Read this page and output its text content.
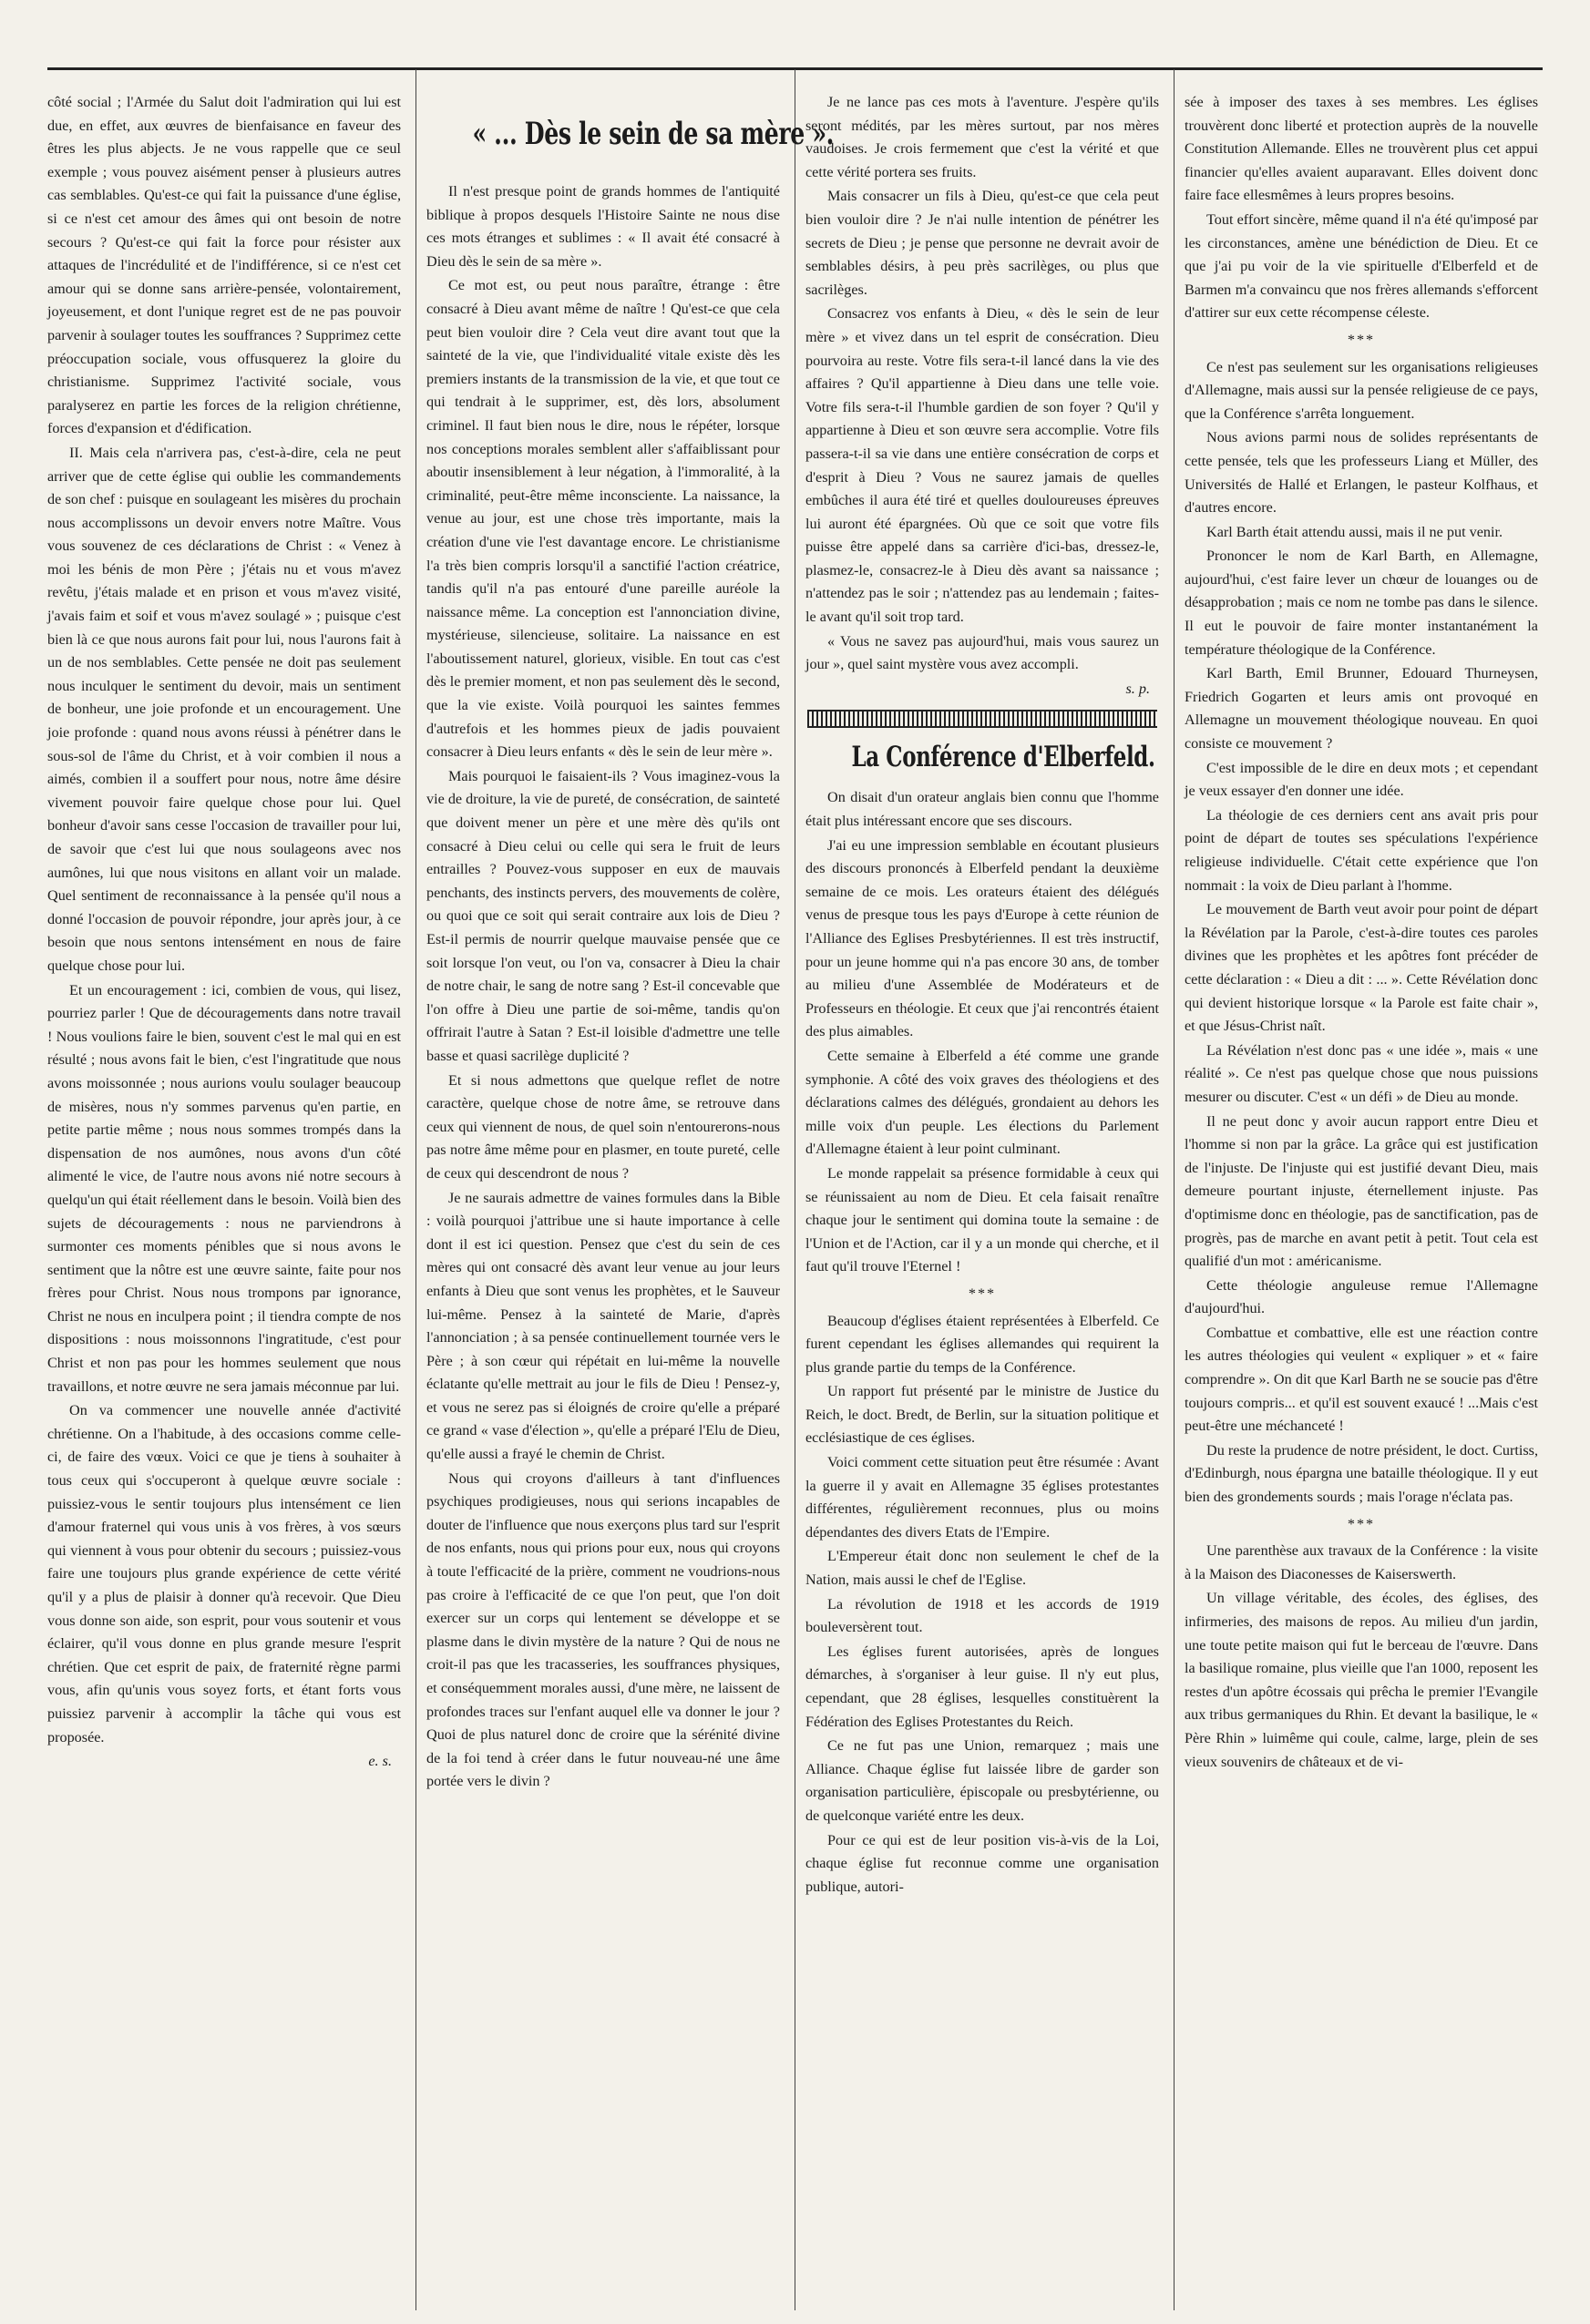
côté social ; l'Armée du Salut doit l'admiration qui lui est due, en effet, aux œuvres de bienfaisance en faveur des êtres les plus abjects. Je ne vous rappelle que ce seul exemple ; vous pouvez aisément penser à plusieurs autres cas semblables. Qu'est-ce qui fait la puissance d'une église, si ce n'est cet amour des âmes qui ont besoin de notre secours ? Qu'est-ce qui fait la force pour résister aux attaques de l'incrédulité et de l'indifférence, si ce n'est cet amour qui se donne sans arrière-pensée, volontairement, joyeusement, et dont l'unique regret est de ne pas pouvoir parvenir à soulager toutes les souffrances ? Supprimez cette préoccupation sociale, vous offusquerez la gloire du christianisme. Supprimez l'activité sociale, vous paralyserez en partie les forces de la religion chrétienne, forces d'expansion et d'édification.

II. Mais cela n'arrivera pas, c'est-à-dire, cela ne peut arriver que de cette église qui oublie les commandements de son chef : puisque en soulageant les misères du prochain nous accomplissons un devoir envers notre Maître. Vous vous souvenez de ces déclarations de Christ : « Venez à moi les bénis de mon Père ; j'étais nu et vous m'avez revêtu, j'étais malade et en prison et vous m'avez visité, j'avais faim et soif et vous m'avez soulagé » ; puisque c'est bien là ce que nous aurons fait pour lui, nous l'aurons fait à un de nos semblables. Cette pensée ne doit pas seulement nous inculquer le sentiment du devoir, mais un sentiment de bonheur, une joie profonde et un encouragement. Une joie profonde : quand nous avons réussi à pénétrer dans le sous-sol de l'âme du Christ, et à voir combien il nous a aimés, combien il a souffert pour nous, notre âme désire vivement pouvoir faire quelque chose pour lui. Quel bonheur d'avoir sans cesse l'occasion de travailler pour lui, de savoir que c'est lui que nous soulageons avec nos aumônes, lui que nous visitons en allant voir un malade. Quel sentiment de reconnaissance à la pensée qu'il nous a donné l'occasion de pouvoir répondre, jour après jour, à ce besoin que nous sentons intensément en nous de faire quelque chose pour lui.

Et un encouragement : ici, combien de vous, qui lisez, pourriez parler ! Que de découragements dans notre travail ! Nous voulions faire le bien, souvent c'est le mal qui en est résulté ; nous avons fait le bien, c'est l'ingratitude que nous avons moissonnée ; nous aurions voulu soulager beaucoup de misères, nous n'y sommes parvenus qu'en partie, en petite partie même ; nous nous sommes trompés dans la dispensation de nos aumônes, nous avons d'un côté alimenté le vice, de l'autre nous avons nié notre secours à quelqu'un qui était réellement dans le besoin. Voilà bien des sujets de découragements : nous ne parviendrons à surmonter ces moments pénibles que si nous avons le sentiment que la nôtre est une œuvre sainte, faite pour nos frères pour Christ. Nous nous trompons par ignorance, Christ ne nous en inculpera point ; il tiendra compte de nos dispositions : nous moissonnons l'ingratitude, c'est pour Christ et non pas pour les hommes seulement que nous travaillons, et notre œuvre ne sera jamais méconnue par lui.

On va commencer une nouvelle année d'activité chrétienne. On a l'habitude, à des occasions comme celle-ci, de faire des vœux. Voici ce que je tiens à souhaiter à tous ceux qui s'occuperont à quelque œuvre sociale : puissiez-vous le sentir toujours plus intensément ce lien d'amour fraternel qui vous unis à vos frères, à vos sœurs qui viennent à vous pour obtenir du secours ; puissiez-vous faire une toujours plus grande expérience de cette vérité qu'il y a plus de plaisir à donner qu'à recevoir. Que Dieu vous donne son aide, son esprit, pour vous soutenir et vous éclairer, qu'il vous donne en plus grande mesure l'esprit chrétien. Que cet esprit de paix, de fraternité règne parmi vous, afin qu'unis vous soyez forts, et étant forts vous puissiez parvenir à accomplir la tâche qui vous est proposée.

e. s.

« ... Dès le sein de sa mère ».

Il n'est presque point de grands hommes de l'antiquité biblique à propos desquels l'Histoire Sainte ne nous dise ces mots étranges et sublimes : « Il avait été consacré à Dieu dès le sein de sa mère ».

Ce mot est, ou peut nous paraître, étrange : être consacré à Dieu avant même de naître ! Qu'est-ce que cela peut bien vouloir dire ? Cela veut dire avant tout que la sainteté de la vie, que l'individualité vitale existe dès les premiers instants de la transmission de la vie, et que tout ce qui tendrait à le supprimer, est, dès lors, absolument criminel. Il faut bien nous le dire, nous le répéter, lorsque nos conceptions morales semblent aller s'affaiblissant pour aboutir insensiblement à leur négation, à l'immoralité, à la criminalité, peut-être même inconsciente. La naissance, la venue au jour, est une chose très importante, mais la création d'une vie l'est davantage encore. Le christianisme l'a très bien compris lorsqu'il a sanctifié l'action créatrice, tandis qu'il n'a pas entouré d'une pareille auréole la naissance même. La conception est l'annonciation divine, mystérieuse, silencieuse, solitaire. La naissance en est l'aboutissement naturel, glorieux, visible. En tout cas c'est dès le premier moment, et non pas seulement dès le second, que la vie existe. Voilà pourquoi les saintes femmes d'autrefois et les hommes pieux de jadis pouvaient consacrer à Dieu leurs enfants « dès le sein de leur mère ».

Mais pourquoi le faisaient-ils ? Vous imaginez-vous la vie de droiture, la vie de pureté, de consécration, de sainteté que doivent mener un père et une mère dès qu'ils ont consacré à Dieu celui ou celle qui sera le fruit de leurs entrailles ? Pouvez-vous supposer en eux de mauvais penchants, des instincts pervers, des mouvements de colère, ou quoi que ce soit qui serait contraire aux lois de Dieu ? Est-il permis de nourrir quelque mauvaise pensée que ce soit lorsque l'on veut, ou l'on va, consacrer à Dieu la chair de notre chair, le sang de notre sang ? Est-il concevable que l'on offre à Dieu une partie de soi-même, tandis qu'on offrirait l'autre à Satan ? Est-il loisible d'admettre une telle basse et quasi sacrilège duplicité ?

Et si nous admettons que quelque reflet de notre caractère, quelque chose de notre âme, se retrouve dans ceux qui viennent de nous, de quel soin n'entourerons-nous pas notre âme même pour en plasmer, en toute pureté, celle de ceux qui descendront de nous ?

Je ne saurais admettre de vaines formules dans la Bible : voilà pourquoi j'attribue une si haute importance à celle dont il est ici question. Pensez que c'est du sein de ces mères qui ont consacré dès avant leur venue au jour leurs enfants à Dieu que sont venus les prophètes, et le Sauveur lui-même. Pensez à la sainteté de Marie, d'après l'annonciation ; à sa pensée continuellement tournée vers le Père ; à son cœur qui répétait en lui-même la nouvelle éclatante qu'elle mettrait au jour le fils de Dieu ! Pensez-y, et vous ne serez pas si éloignés de croire qu'elle a préparé ce grand « vase d'élection », qu'elle a préparé l'Elu de Dieu, qu'elle aussi a frayé le chemin de Christ.

Nous qui croyons d'ailleurs à tant d'influences psychiques prodigieuses, nous qui serions incapables de douter de l'influence que nous exerçons plus tard sur l'esprit de nos enfants, nous qui prions pour eux, nous qui croyons à toute l'efficacité de la prière, comment ne voudrions-nous pas croire à l'efficacité de ce que l'on peut, que l'on doit exercer sur un corps qui lentement se développe et se plasme dans le divin mystère de la nature ? Qui de nous ne croit-il pas que les tracasseries, les souffrances physiques, et conséquemment morales aussi, d'une mère, ne laissent de profondes traces sur l'enfant auquel elle va donner le jour ? Quoi de plus naturel donc de croire que la sérénité divine de la foi tend à créer dans le futur nouveau-né une âme portée vers le divin ?

Je ne lance pas ces mots à l'aventure. J'espère qu'ils seront médités, par les mères surtout, par nos mères vaudoises. Je crois fermement que c'est la vérité et que cette vérité portera ses fruits.

Mais consacrer un fils à Dieu, qu'est-ce que cela peut bien vouloir dire ? Je n'ai nulle intention de pénétrer les secrets de Dieu ; je pense que personne ne devrait avoir de semblables désirs, à peu près sacrilèges, ou plus que sacrilèges.

Consacrez vos enfants à Dieu, « dès le sein de leur mère » et vivez dans un tel esprit de consécration. Dieu pourvoira au reste. Votre fils sera-t-il lancé dans la vie des affaires ? Qu'il appartienne à Dieu dans une telle voie. Votre fils sera-t-il l'humble gardien de son foyer ? Qu'il y appartienne à Dieu et son œuvre sera accomplie. Votre fils passera-t-il sa vie dans une entière consécration de corps et d'esprit à Dieu ? Vous ne saurez jamais de quelles embûches il aura été tiré et quelles douloureuses épreuves lui auront été épargnées. Où que ce soit que votre fils puisse être appelé dans sa carrière d'ici-bas, dressez-le, plasmez-le, consacrez-le à Dieu dès avant sa naissance ; n'attendez pas le soir ; n'attendez pas au lendemain ; faites-le avant qu'il soit trop tard.

« Vous ne savez pas aujourd'hui, mais vous saurez un jour », quel saint mystère vous avez accompli.

s. p.

La Conférence d'Elberfeld.

On disait d'un orateur anglais bien connu que l'homme était plus intéressant encore que ses discours.

J'ai eu une impression semblable en écoutant plusieurs des discours prononcés à Elberfeld pendant la deuxième semaine de ce mois. Les orateurs étaient des délégués venus de presque tous les pays d'Europe à cette réunion de l'Alliance des Eglises Presbytériennes. Il est très instructif, pour un jeune homme qui n'a pas encore 30 ans, de tomber au milieu d'une Assemblée de Modérateurs et de Professeurs en théologie. Et ceux que j'ai rencontrés étaient des plus aimables.

Cette semaine à Elberfeld a été comme une grande symphonie. A côté des voix graves des théologiens et des déclarations calmes des délégués, grondaient au dehors les mille voix d'un peuple. Les élections du Parlement d'Allemagne étaient à leur point culminant.

Le monde rappelait sa présence formidable à ceux qui se réunissaient au nom de Dieu. Et cela faisait renaître chaque jour le sentiment qui domina toute la semaine : de l'Union et de l'Action, car il y a un monde qui cherche, et il faut qu'il trouve l'Eternel !

***

Beaucoup d'églises étaient représentées à Elberfeld. Ce furent cependant les églises allemandes qui requirent la plus grande partie du temps de la Conférence.

Un rapport fut présenté par le ministre de Justice du Reich, le doct. Bredt, de Berlin, sur la situation politique et ecclésiastique de ces églises.

Voici comment cette situation peut être résumée : Avant la guerre il y avait en Allemagne 35 églises protestantes différentes, régulièrement reconnues, plus ou moins dépendantes des divers Etats de l'Empire.

L'Empereur était donc non seulement le chef de la Nation, mais aussi le chef de l'Eglise.

La révolution de 1918 et les accords de 1919 bouleversèrent tout.

Les églises furent autorisées, après de longues démarches, à s'organiser à leur guise. Il n'y eut plus, cependant, que 28 églises, lesquelles constituèrent la Fédération des Eglises Protestantes du Reich.

Ce ne fut pas une Union, remarquez ; mais une Alliance. Chaque église fut laissée libre de garder son organisation particulière, épiscopale ou presbytérienne, ou de quelconque variété entre les deux.

Pour ce qui est de leur position vis-à-vis de la Loi, chaque église fut reconnue comme une organisation publique, autori-

sée à imposer des taxes à ses membres. Les églises trouvèrent donc liberté et protection auprès de la nouvelle Constitution Allemande. Elles ne trouvèrent plus cet appui financier qu'elles avaient auparavant. Elles doivent donc faire face ellesmêmes à leurs propres besoins.

Tout effort sincère, même quand il n'a été qu'imposé par les circonstances, amène une bénédiction de Dieu. Et ce que j'ai pu voir de la vie spirituelle d'Elberfeld et de Barmen m'a convaincu que nos frères allemands s'efforcent d'attirer sur eux cette récompense céleste.

***

Ce n'est pas seulement sur les organisations religieuses d'Allemagne, mais aussi sur la pensée religieuse de ce pays, que la Conférence s'arrêta longuement.

Nous avions parmi nous de solides représentants de cette pensée, tels que les professeurs Liang et Müller, des Universités de Hallé et Erlangen, le pasteur Kolfhaus, et d'autres encore.

Karl Barth était attendu aussi, mais il ne put venir.

Prononcer le nom de Karl Barth, en Allemagne, aujourd'hui, c'est faire lever un chœur de louanges ou de désapprobation ; mais ce nom ne tombe pas dans le silence. Il eut le pouvoir de faire monter instantanément la température théologique de la Conférence.

Karl Barth, Emil Brunner, Edouard Thurneysen, Friedrich Gogarten et leurs amis ont provoqué en Allemagne un mouvement théologique nouveau. En quoi consiste ce mouvement ?

C'est impossible de le dire en deux mots ; et cependant je veux essayer d'en donner une idée.

La théologie de ces derniers cent ans avait pris pour point de départ de toutes ses spéculations l'expérience religieuse individuelle. C'était cette expérience que l'on nommait : la voix de Dieu parlant à l'homme.

Le mouvement de Barth veut avoir pour point de départ la Révélation par la Parole, c'est-à-dire toutes ces paroles divines que les prophètes et les apôtres font précéder de cette déclaration : « Dieu a dit : ... ». Cette Révélation donc qui devient historique lorsque « la Parole est faite chair », et que Jésus-Christ naît.

La Révélation n'est donc pas « une idée », mais « une réalité ». Ce n'est pas quelque chose que nous puissions mesurer ou discuter. C'est « un défi » de Dieu au monde.

Il ne peut donc y avoir aucun rapport entre Dieu et l'homme si non par la grâce. La grâce qui est justification de l'injuste. De l'injuste qui est justifié devant Dieu, mais demeure pourtant injuste, éternellement injuste. Pas d'optimisme donc en théologie, pas de sanctification, pas de progrès, pas de marche en avant petit à petit. Tout cela est qualifié d'un mot : américanisme.

Cette théologie anguleuse remue l'Allemagne d'aujourd'hui.

Combattue et combattive, elle est une réaction contre les autres théologies qui veulent « expliquer » et « faire comprendre ». On dit que Karl Barth ne se soucie pas d'être toujours compris... et qu'il est souvent exaucé ! ...Mais c'est peut-être une méchanceté !

Du reste la prudence de notre président, le doct. Curtiss, d'Edinburgh, nous épargna une bataille théologique. Il y eut bien des grondements sourds ; mais l'orage n'éclata pas.

***

Une parenthèse aux travaux de la Conférence : la visite à la Maison des Diaconesses de Kaiserswerth.

Un village véritable, des écoles, des églises, des infirmeries, des maisons de repos. Au milieu d'un jardin, une toute petite maison qui fut le berceau de l'œuvre. Dans la basilique romaine, plus vieille que l'an 1000, reposent les restes d'un apôtre écossais qui prêcha le premier l'Evangile aux tribus germaniques du Rhin. Et devant la basilique, le « Père Rhin » luimême qui coule, calme, large, plein de ses vieux souvenirs de châteaux et de vi-
